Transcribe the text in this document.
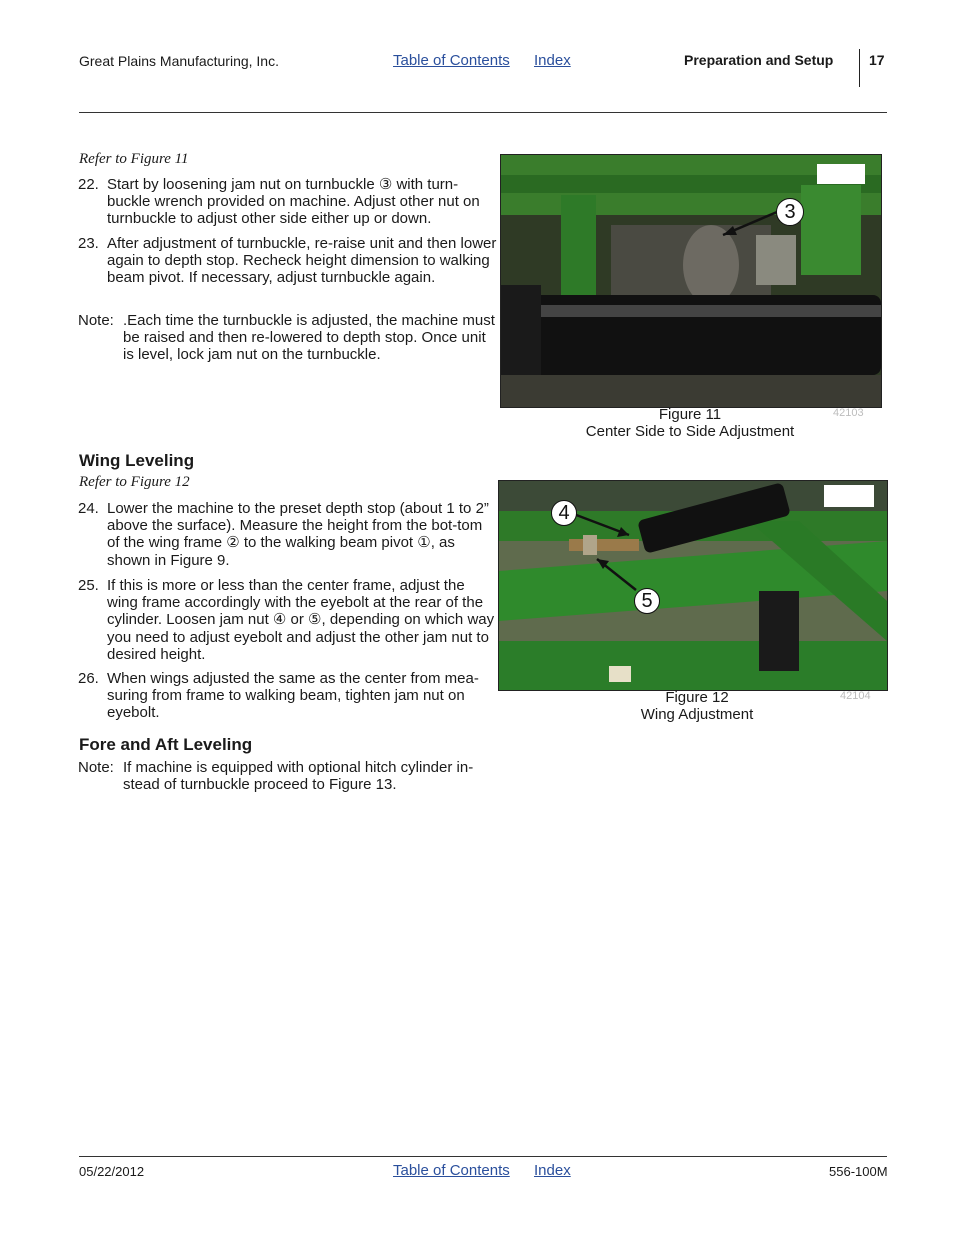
Great Plains Manufacturing, Inc.	Table of Contents Index	Preparation and Setup	17
Refer to Figure 11
22. Start by loosening jam nut on turnbuckle ③ with turn-buckle wrench provided on machine. Adjust other nut on turnbuckle to adjust other side either up or down.
23. After adjustment of turnbuckle, re-raise unit and then lower again to depth stop. Recheck height dimension to walking beam pivot. If necessary, adjust turnbuckle again.
Note: .Each time the turnbuckle is adjusted, the machine must be raised and then re-lowered to depth stop. Once unit is level, lock jam nut on the turnbuckle.
3
42103
Figure 11
Center Side to Side Adjustment
Wing Leveling
Refer to Figure 12
24. Lower the machine to the preset depth stop (about 1 to 2” above the surface). Measure the height from the bot-tom of the wing frame ② to the walking beam pivot ①, as shown in Figure 9.
25. If this is more or less than the center frame, adjust the wing frame accordingly with the eyebolt at the rear of the cylinder. Loosen jam nut ④ or ⑤, depending on which way you need to adjust eyebolt and adjust the other jam nut to desired height.
26. When wings adjusted the same as the center from mea-suring from frame to walking beam, tighten jam nut on eyebolt.
4
5
42104
Figure 12
Wing Adjustment
Fore and Aft Leveling
Note: If machine is equipped with optional hitch cylinder in-stead of turnbuckle proceed to Figure 13.
05/22/2012	Table of Contents Index	556-100M
